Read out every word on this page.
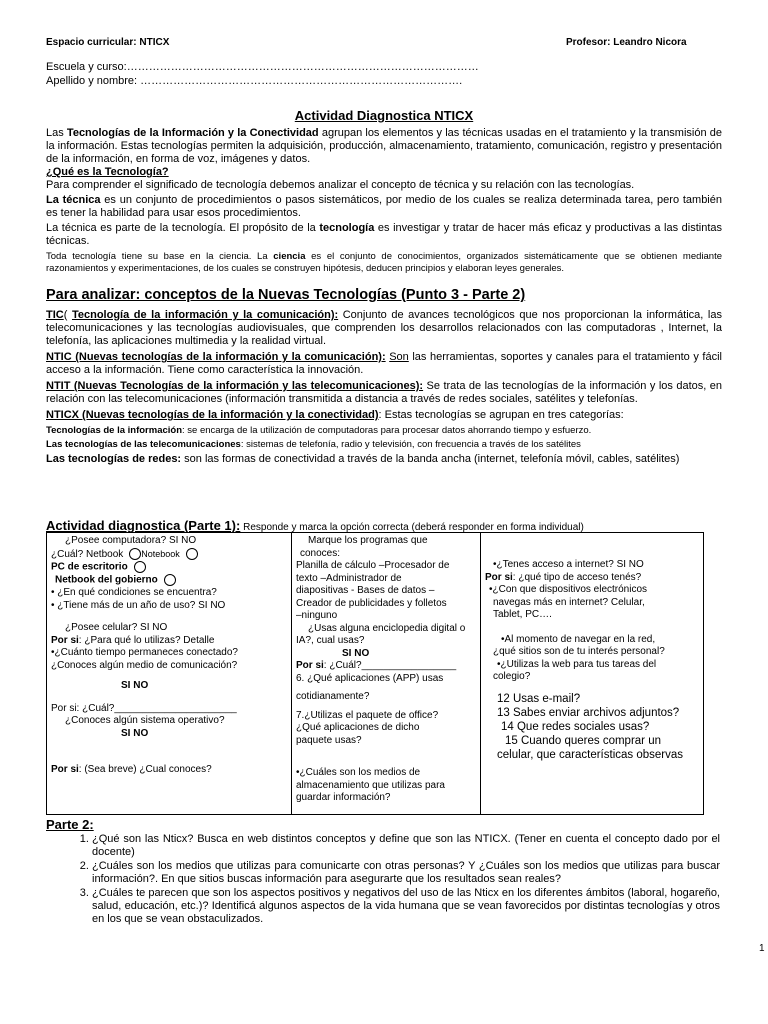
Espacio curricular: NTICX	Profesor: Leandro Nicora
Escuela y curso:……………………………………………………………………………………
Apellido y nombre: …………………………………………………………………………….
Actividad Diagnostica NTICX

Las Tecnologías de la Información y la Conectividad agrupan los elementos y las técnicas usadas en el tratamiento y la transmisión de la información. Estas tecnologías permiten la adquisición, producción, almacenamiento, tratamiento, comunicación, registro y presentación de la información, en forma de voz, imágenes y datos.

¿Qué es la Tecnología?

Para comprender el significado de tecnología debemos analizar el concepto de técnica y su relación con las tecnologías.

La técnica es un conjunto de procedimientos o pasos sistemáticos, por medio de los cuales se realiza determinada tarea, pero también es tener la habilidad para usar esos procedimientos.

La técnica es parte de la tecnología. El propósito de la tecnología es investigar y tratar de hacer más eficaz y productivas a las distintas técnicas.

Toda tecnología tiene su base en la ciencia. La ciencia es el conjunto de conocimientos, organizados sistemáticamente que se obtienen mediante razonamientos y experimentaciones, de los cuales se construyen hipótesis, deducen principios y elaboran leyes generales.

Para analizar: conceptos de la Nuevas Tecnologías (Punto 3 - Parte 2)

TIC( Tecnología de la información y la comunicación): Conjunto de avances tecnológicos que nos proporcionan la informática, las telecomunicaciones y las tecnologías audiovisuales, que comprenden los desarrollos relacionados con las computadoras , Internet, la telefonía, las aplicaciones multimedia y la realidad virtual.

NTIC (Nuevas tecnologías de la información y la comunicación): Son las herramientas, soportes y canales para el tratamiento y fácil acceso a la información. Tiene como característica la innovación.

NTIT (Nuevas Tecnologías de la información y las telecomunicaciones): Se trata de las tecnologías de la información y los datos, en relación con las telecomunicaciones (información transmitida a distancia a través de redes sociales, satélites y telefonías.

NTICX (Nuevas tecnologías de la información y la conectividad): Estas tecnologías se agrupan en tres categorías:

Tecnologías de la información: se encarga de la utilización de computadoras para procesar datos ahorrando tiempo y esfuerzo.

Las tecnologías de las telecomunicaciones: sistemas de telefonía, radio y televisión, con frecuencia a través de los satélites

Las tecnologías de redes: son las formas de conectividad a través de la banda ancha (internet, telefonía móvil, cables, satélites)

Actividad diagnostica (Parte 1): Responde y marca la opción correcta (deberá responder en forma individual)
¿Posee computadora? SI NO
¿Cuál? Netbook Notebook
PC de escritorio
Netbook del gobierno
• ¿En qué condiciones se encuentra?
• ¿Tiene más de un año de uso? SI NO
¿Posee celular? SI NO
Por si: ¿Para qué lo utilizas? Detalle
•¿Cuánto tiempo permaneces conectado?
¿Conoces algún medio de comunicación?
SI NO
Por si: ¿Cuál?______________________
¿Conoces algún sistema operativo?
SI NO
Por si: (Sea breve) ¿Cual conoces?

Marque los programas que
conoces:
Planilla de cálculo –Procesador de
texto –Administrador de
diapositivas - Bases de datos –
Creador de publicidades y folletos
–ninguno
¿Usas alguna enciclopedia digital o
IA?, cual usas?
SI NO
Por si: ¿Cuál?_________________
6. ¿Qué aplicaciones (APP) usas
cotidianamente?
7.¿Utilizas el paquete de office?
¿Qué aplicaciones de dicho
paquete usas?
•¿Cuáles son los medios de
almacenamiento que utilizas para
guardar información?

•¿Tenes acceso a internet? SI NO
Por si: ¿qué tipo de acceso tenés?
•¿Con que dispositivos electrónicos
navegas más en internet? Celular,
Tablet, PC….
•Al momento de navegar en la red,
¿qué sitios son de tu interés personal?
•¿Utilizas la web para tus tareas del
colegio?
12 Usas e-mail?
13 Sabes enviar archivos adjuntos?
14 Que redes sociales usas?
15 Cuando queres comprar un
celular, que características observas
Parte 2:
1. ¿Qué son las Nticx? Busca en web distintos conceptos y define que son las NTICX. (Tener en cuenta el concepto dado por el docente)
2. ¿Cuáles son los medios que utilizas para comunicarte con otras personas? Y ¿Cuáles son los medios que utilizas para buscar información?. En que sitios buscas información para asegurarte que los resultados sean reales?
3. ¿Cuáles te parecen que son los aspectos positivos y negativos del uso de las Nticx en los diferentes ámbitos (laboral, hogareño, salud, educación, etc.)? Identificá algunos aspectos de la vida humana que se vean favorecidos por distintas tecnologías y otros en los que se vean obstaculizados.
1
